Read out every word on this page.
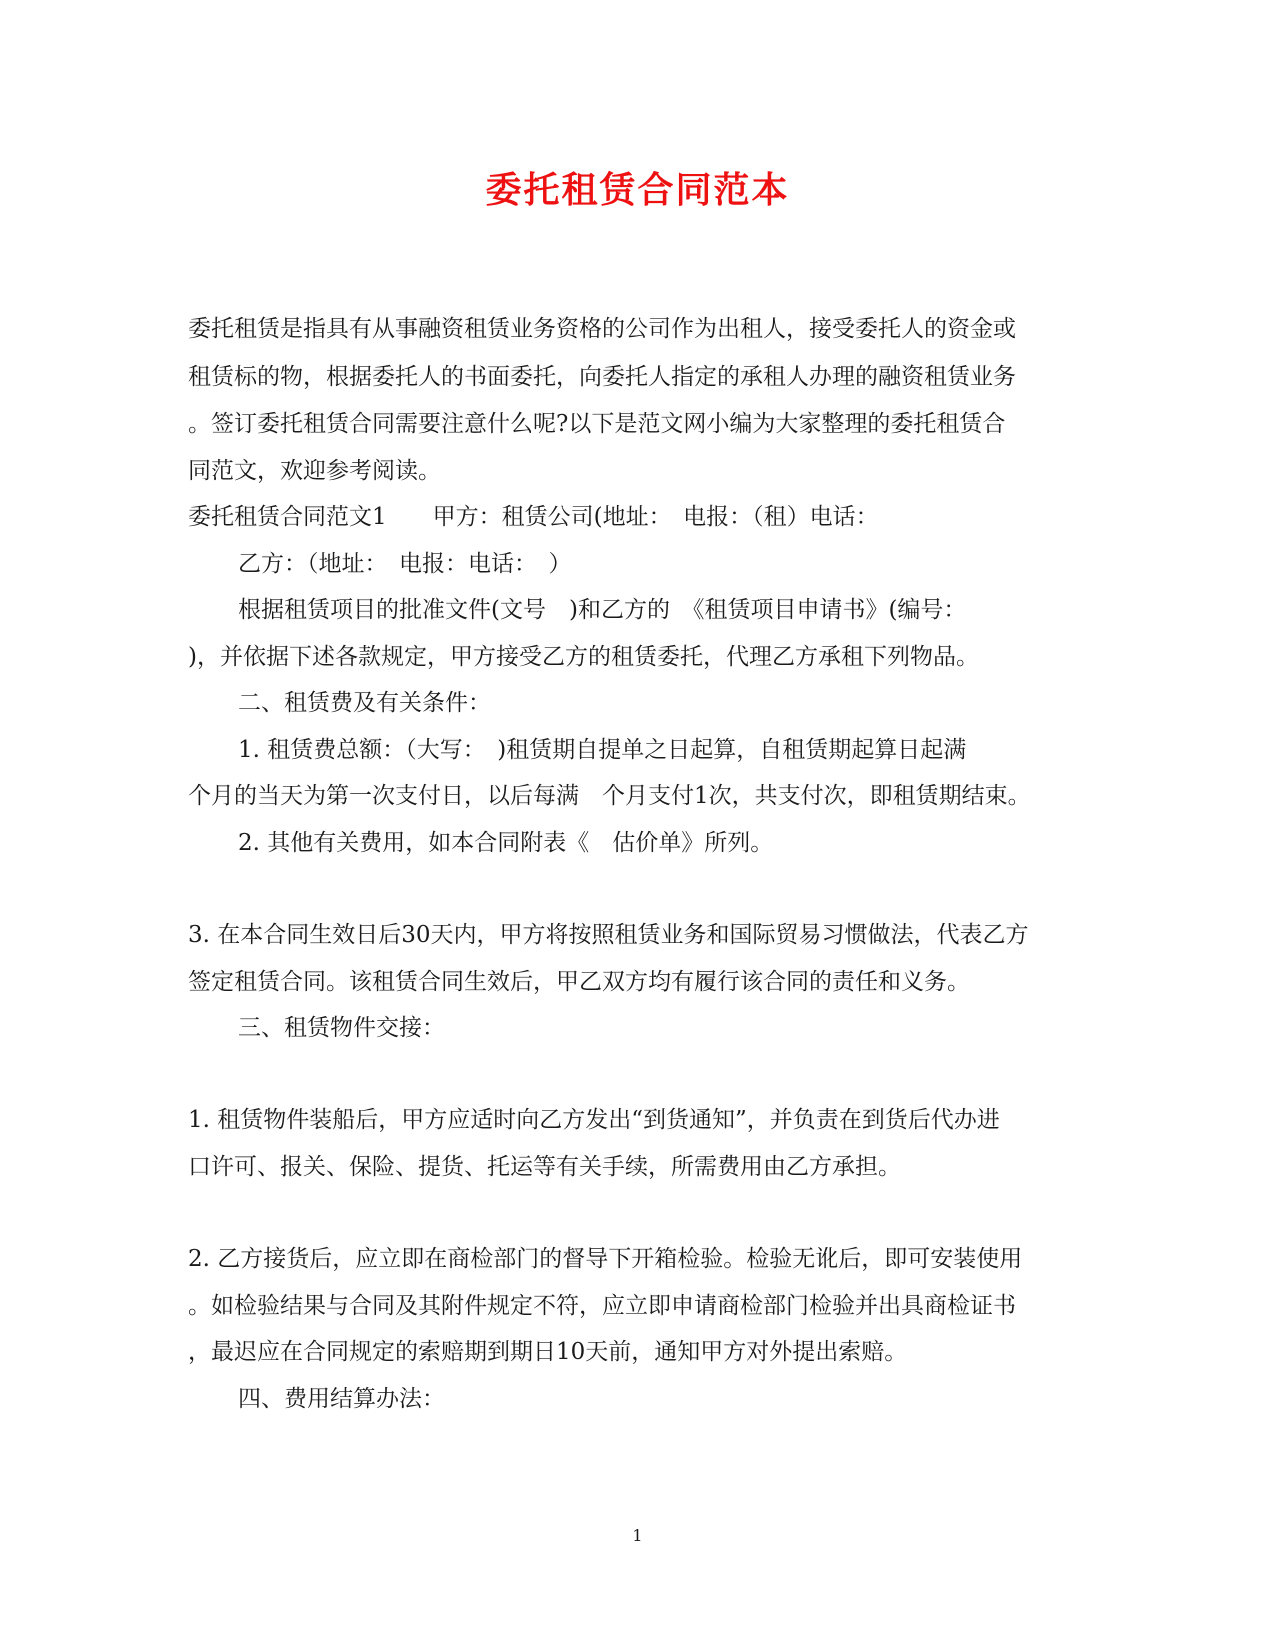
委托租赁合同范本
委托租赁是指具有从事融资租赁业务资格的公司作为出租人，接受委托人的资金或
租赁标的物，根据委托人的书面委托，向委托人指定的承租人办理的融资租赁业务
。签订委托租赁合同需要注意什么呢?以下是范文网小编为大家整理的委托租赁合
同范文，欢迎参考阅读。
委托租赁合同范文1　　甲方：租赁公司(地址：　电报：（租）电话：
乙方：（地址：　电报：电话：　）
根据租赁项目的批准文件(文号　)和乙方的　《租赁项目申请书》(编号：
)，并依据下述各款规定，甲方接受乙方的租赁委托，代理乙方承租下列物品。
二、租赁费及有关条件：
1. 租赁费总额：（大写：　)租赁期自提单之日起算，自租赁期起算日起满
个月的当天为第一次支付日，以后每满　个月支付1次，共支付次，即租赁期结束。
2. 其他有关费用，如本合同附表《　估价单》所列。
3. 在本合同生效日后30天内，甲方将按照租赁业务和国际贸易习惯做法，代表乙方
签定租赁合同。该租赁合同生效后，甲乙双方均有履行该合同的责任和义务。
三、租赁物件交接：
1. 租赁物件装船后，甲方应适时向乙方发出“到货通知”，并负责在到货后代办进
口许可、报关、保险、提货、托运等有关手续，所需费用由乙方承担。
2. 乙方接货后，应立即在商检部门的督导下开箱检验。检验无讹后，即可安装使用
。如检验结果与合同及其附件规定不符，应立即申请商检部门检验并出具商检证书
，最迟应在合同规定的索赔期到期日10天前，通知甲方对外提出索赔。
四、费用结算办法：
1
